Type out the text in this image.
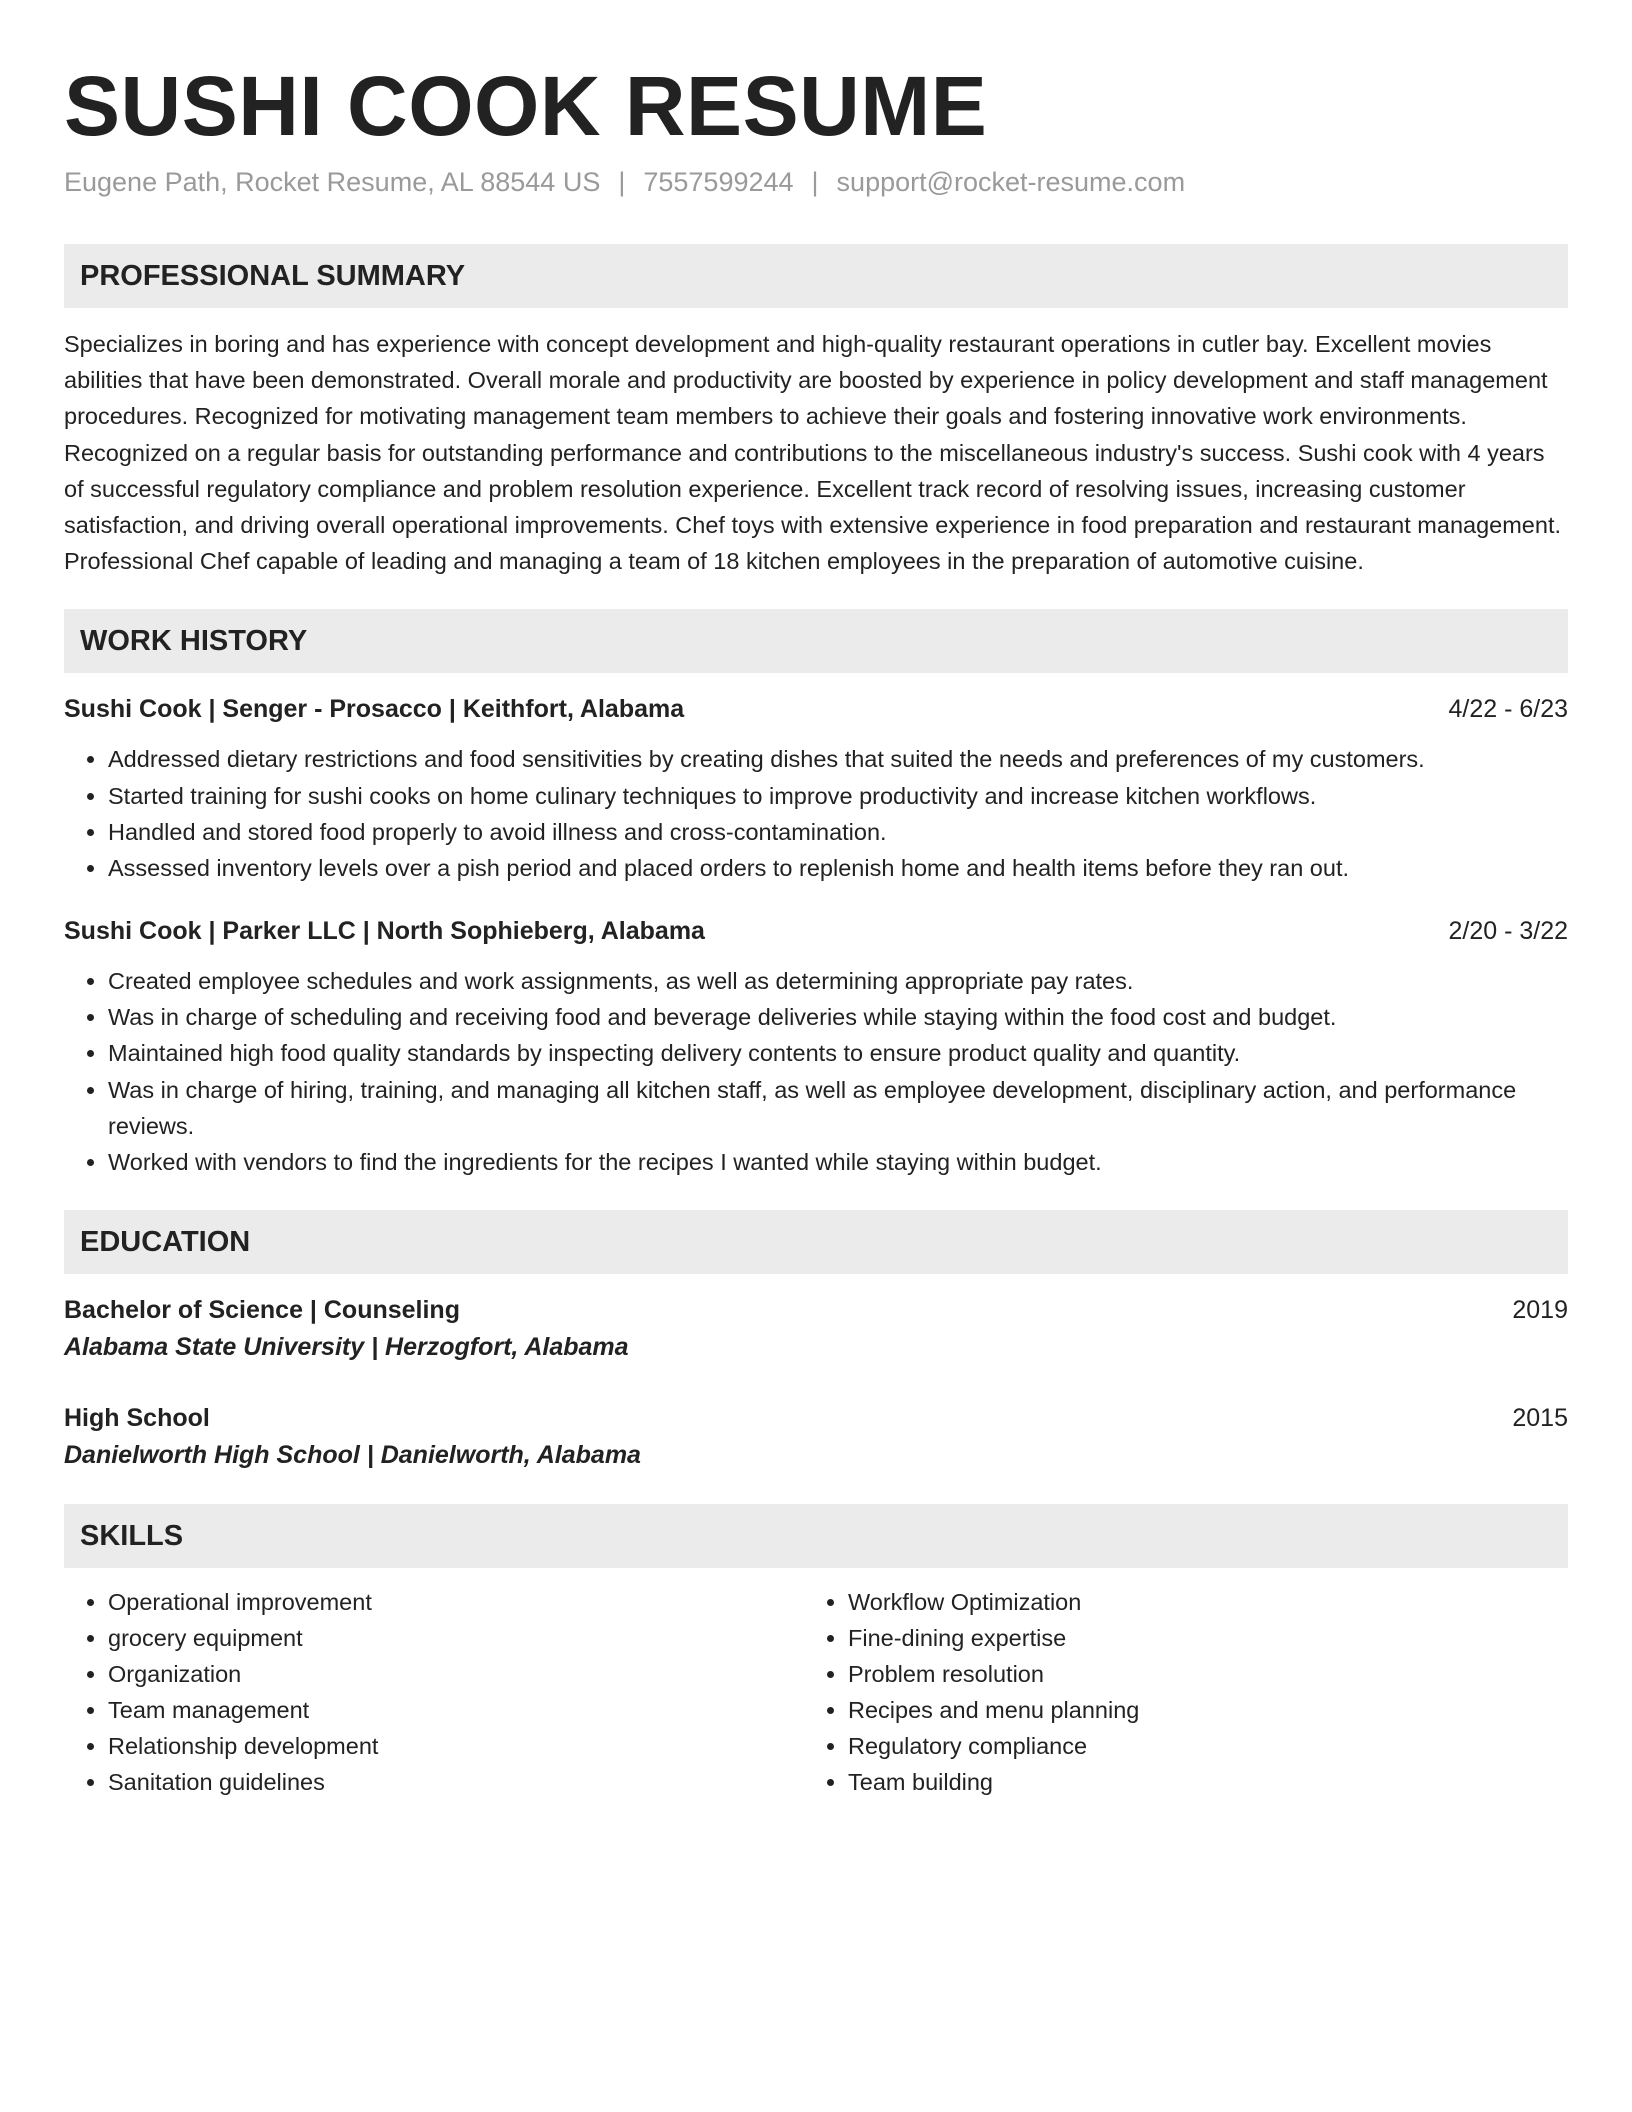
SUSHI COOK RESUME
Eugene Path, Rocket Resume, AL 88544 US | 7557599244 | support@rocket-resume.com
PROFESSIONAL SUMMARY

Specializes in boring and has experience with concept development and high-quality restaurant operations in cutler bay. Excellent movies abilities that have been demonstrated. Overall morale and productivity are boosted by experience in policy development and staff management procedures. Recognized for motivating management team members to achieve their goals and fostering innovative work environments. Recognized on a regular basis for outstanding performance and contributions to the miscellaneous industry's success. Sushi cook with 4 years of successful regulatory compliance and problem resolution experience. Excellent track record of resolving issues, increasing customer satisfaction, and driving overall operational improvements. Chef toys with extensive experience in food preparation and restaurant management. Professional Chef capable of leading and managing a team of 18 kitchen employees in the preparation of automotive cuisine.

WORK HISTORY
Sushi Cook | Senger - Prosacco | Keithfort, Alabama	4/22 - 6/23
• Addressed dietary restrictions and food sensitivities by creating dishes that suited the needs and preferences of my customers.
• Started training for sushi cooks on home culinary techniques to improve productivity and increase kitchen workflows.
• Handled and stored food properly to avoid illness and cross-contamination.
• Assessed inventory levels over a pish period and placed orders to replenish home and health items before they ran out.
Sushi Cook | Parker LLC | North Sophieberg, Alabama	2/20 - 3/22
• Created employee schedules and work assignments, as well as determining appropriate pay rates.
• Was in charge of scheduling and receiving food and beverage deliveries while staying within the food cost and budget.
• Maintained high food quality standards by inspecting delivery contents to ensure product quality and quantity.
• Was in charge of hiring, training, and managing all kitchen staff, as well as employee development, disciplinary action, and performance reviews.
• Worked with vendors to find the ingredients for the recipes I wanted while staying within budget.
EDUCATION
Bachelor of Science | Counseling	2019
Alabama State University | Herzogfort, Alabama
High School	2015
Danielworth High School | Danielworth, Alabama
SKILLS
• Operational improvement
• grocery equipment
• Organization
• Team management
• Relationship development
• Sanitation guidelines
• Workflow Optimization
• Fine-dining expertise
• Problem resolution
• Recipes and menu planning
• Regulatory compliance
• Team building
